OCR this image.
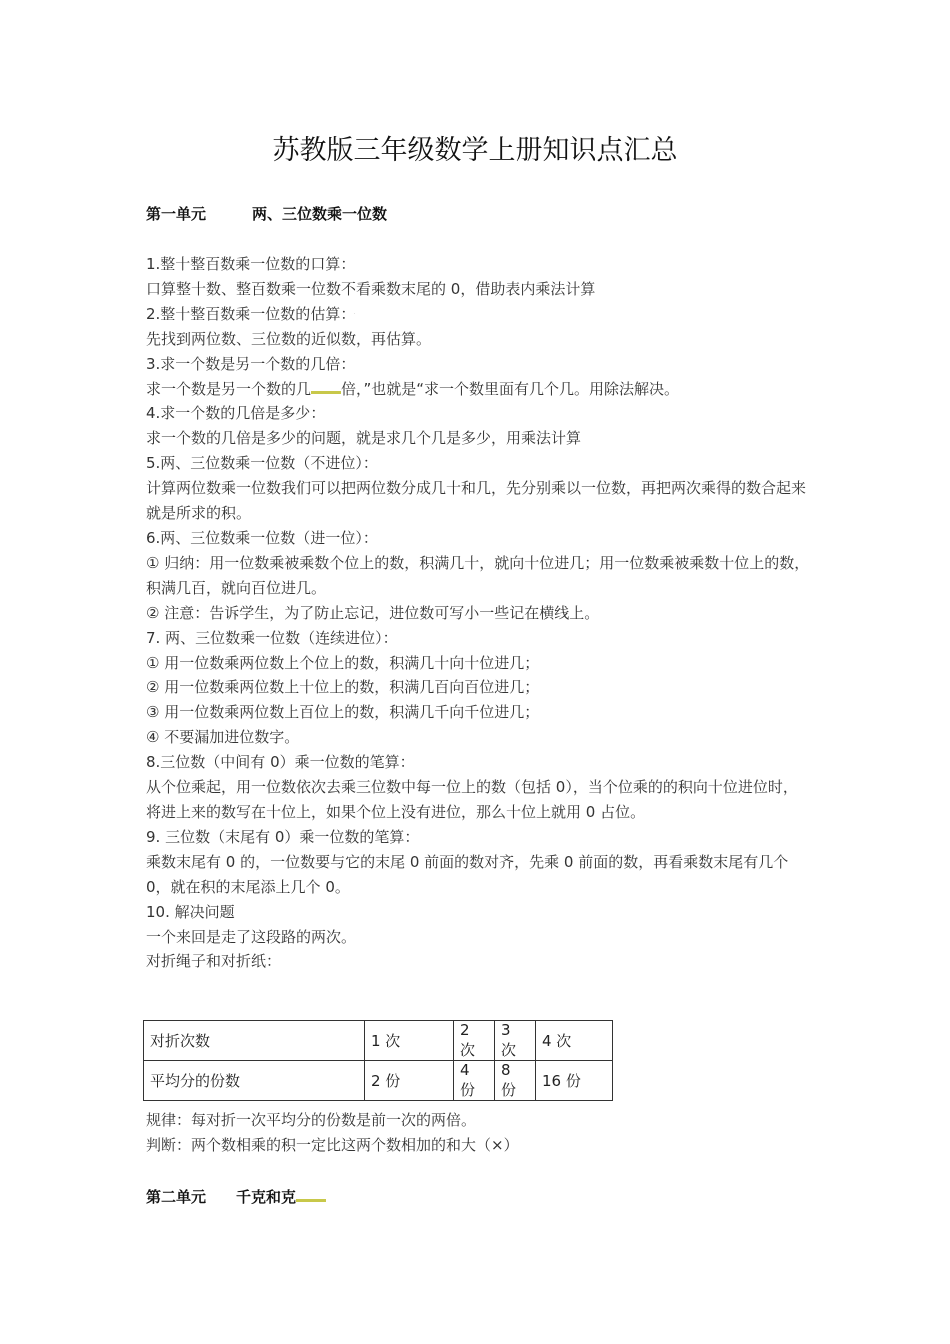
苏教版三年级数学上册知识点汇总
第一单元	两、三位数乘一位数

1.整十整百数乘一位数的口算：

口算整十数、整百数乘一位数不看乘数末尾的 0，借助表内乘法计算

2.整十整百数乘一位数的估算： ·

先找到两位数、三位数的近似数，再估算。

3.求一个数是另一个数的几倍：

求一个数是另一个数的几 倍，”也就是“求一个数里面有几个几。用除法解决。

4.求一个数的几倍是多少：

求一个数的几倍是多少的问题，就是求几个几是多少，用乘法计算

5.两、三位数乘一位数（不进位）：

计算两位数乘一位数我们可以把两位数分成几十和几，先分别乘以一位数，再把两次乘得的数合起来就是所求的积。

6.两、三位数乘一位数（进一位）：

① 归纳：用一位数乘被乘数个位上的数，积满几十，就向十位进几；用一位数乘被乘数十位上的数，积满几百，就向百位进几。

② 注意：告诉学生，为了防止忘记，进位数可写小一些记在横线上。

7. 两、三位数乘一位数（连续进位）：

① 用一位数乘两位数上个位上的数，积满几十向十位进几；

② 用一位数乘两位数上十位上的数，积满几百向百位进几；

③ 用一位数乘两位数上百位上的数，积满几千向千位进几；

④ 不要漏加进位数字。

8.三位数（中间有 0）乘一位数的笔算：

从个位乘起，用一位数依次去乘三位数中每一位上的数（包括 0），当个位乘的的积向十位进位时，将进上来的数写在十位上，如果个位上没有进位，那么十位上就用 0 占位。

9. 三位数（末尾有 0）乘一位数的笔算：

乘数末尾有 0 的，一位数要与它的末尾 0 前面的数对齐，先乘 0 前面的数，再看乘数末尾有几个 0，就在积的末尾添上几个 0。

10. 解决问题

一个来回是走了这段路的两次。

对折绳子和对折纸：

对折次数	1 次	2 次	3 次	4 次
平均分的份数	2 份	4 份	8 份	16 份

规律：每对折一次平均分的份数是前一次的两倍。

判断：两个数相乘的积一定比这两个数相加的和大（×）

第二单元 千克和克
